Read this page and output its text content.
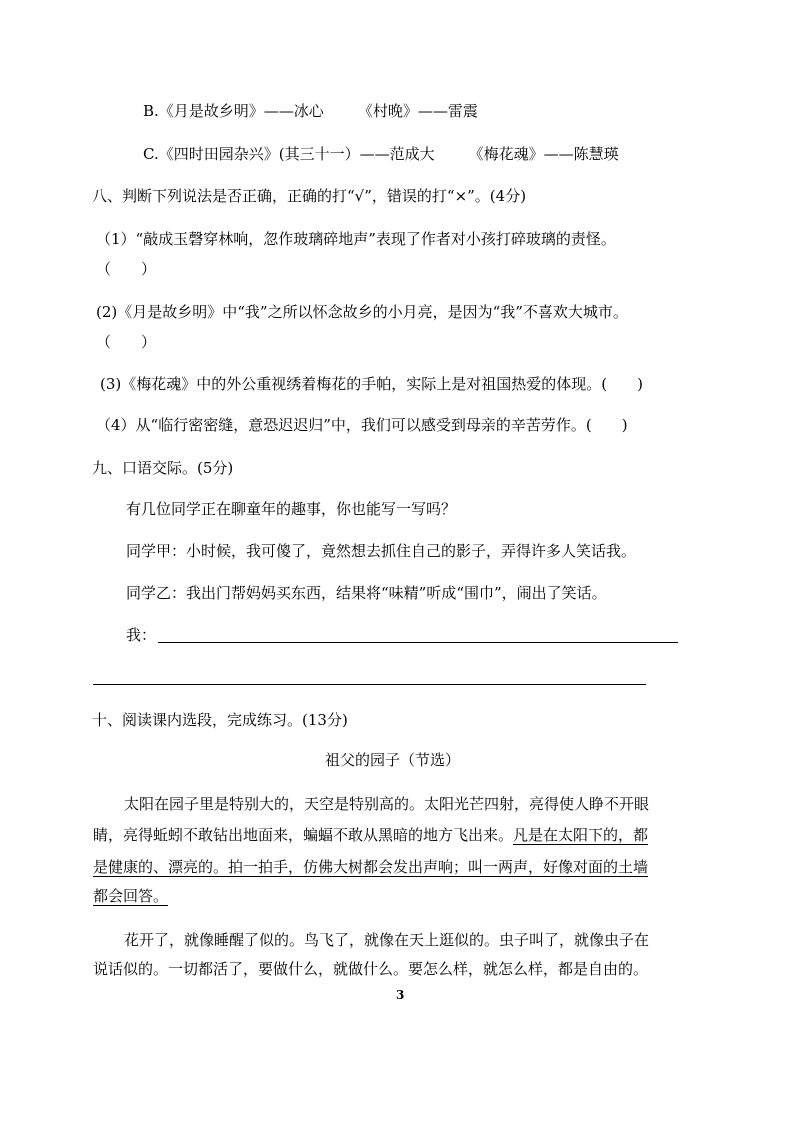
B.《月是故乡明》——冰心 《村晚》——雷震
C.《四时田园杂兴》(其三十一）——范成大 《梅花魂》——陈慧瑛
八、判断下列说法是否正确，正确的打“√”，错误的打“×”。(4分)
（1）“敲成玉磬穿林响，忽作玻璃碎地声”表现了作者对小孩打碎玻璃的责怪。
（　　）
(2)《月是故乡明》中“我”之所以怀念故乡的小月亮，是因为“我”不喜欢大城市。
（　　）
(3)《梅花魂》中的外公重视绣着梅花的手帕，实际上是对祖国热爱的体现。(　　)
（4）从“临行密密缝，意恐迟迟归”中，我们可以感受到母亲的辛苦劳作。(　　)
九、口语交际。(5分)
有几位同学正在聊童年的趣事，你也能写一写吗？
同学甲：小时候，我可傻了，竟然想去抓住自己的影子，弄得许多人笑话我。
同学乙：我出门帮妈妈买东西，结果将“味精”听成“围巾”，闹出了笑话。
我：
十、阅读课内选段，完成练习。(13分)
祖父的园子（节选）
太阳在园子里是特别大的，天空是特别高的。太阳光芒四射，亮得使人睁不开眼
睛，亮得蚯蚓不敢钻出地面来，蝙蝠不敢从黑暗的地方飞出来。凡是在太阳下的，都
是健康的、漂亮的。拍一拍手，仿佛大树都会发出声响；叫一两声，好像对面的土墙
都会回答。
花开了，就像睡醒了似的。鸟飞了，就像在天上逛似的。虫子叫了，就像虫子在
说话似的。一切都活了，要做什么，就做什么。要怎么样，就怎么样，都是自由的。
3
